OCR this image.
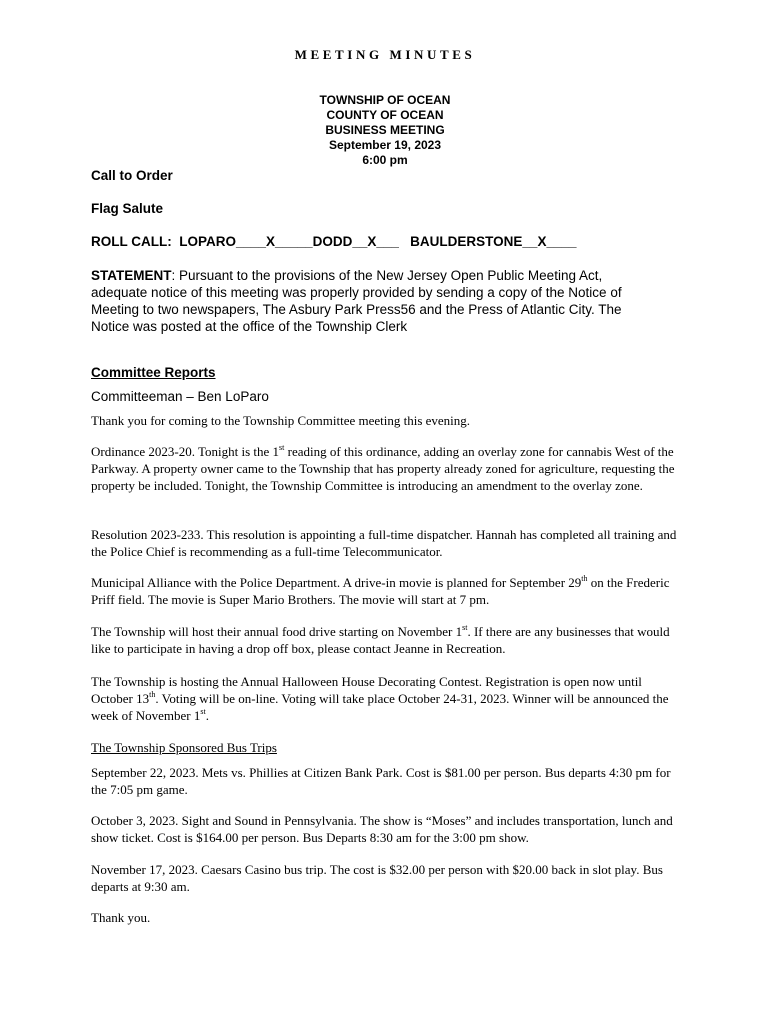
MEETING MINUTES
TOWNSHIP OF OCEAN
COUNTY OF OCEAN
BUSINESS MEETING
September 19, 2023
6:00 pm
Call to Order
Flag Salute
ROLL CALL: LOPARO____X_____DODD__X___ BAULDERSTONE__X____
STATEMENT: Pursuant to the provisions of the New Jersey Open Public Meeting Act, adequate notice of this meeting was properly provided by sending a copy of the Notice of Meeting to two newspapers, The Asbury Park Press56 and the Press of Atlantic City. The Notice was posted at the office of the Township Clerk
Committee Reports
Committeeman – Ben LoParo
Thank you for coming to the Township Committee meeting this evening.
Ordinance 2023-20. Tonight is the 1st reading of this ordinance, adding an overlay zone for cannabis West of the Parkway. A property owner came to the Township that has property already zoned for agriculture, requesting the property be included. Tonight, the Township Committee is introducing an amendment to the overlay zone.
Resolution 2023-233. This resolution is appointing a full-time dispatcher. Hannah has completed all training and the Police Chief is recommending as a full-time Telecommunicator.
Municipal Alliance with the Police Department. A drive-in movie is planned for September 29th on the Frederic Priff field. The movie is Super Mario Brothers. The movie will start at 7 pm.
The Township will host their annual food drive starting on November 1st. If there are any businesses that would like to participate in having a drop off box, please contact Jeanne in Recreation.
The Township is hosting the Annual Halloween House Decorating Contest. Registration is open now until October 13th. Voting will be on-line. Voting will take place October 24-31, 2023. Winner will be announced the week of November 1st.
The Township Sponsored Bus Trips
September 22, 2023. Mets vs. Phillies at Citizen Bank Park. Cost is $81.00 per person. Bus departs 4:30 pm for the 7:05 pm game.
October 3, 2023. Sight and Sound in Pennsylvania. The show is “Moses” and includes transportation, lunch and show ticket. Cost is $164.00 per person. Bus Departs 8:30 am for the 3:00 pm show.
November 17, 2023. Caesars Casino bus trip. The cost is $32.00 per person with $20.00 back in slot play. Bus departs at 9:30 am.
Thank you.
